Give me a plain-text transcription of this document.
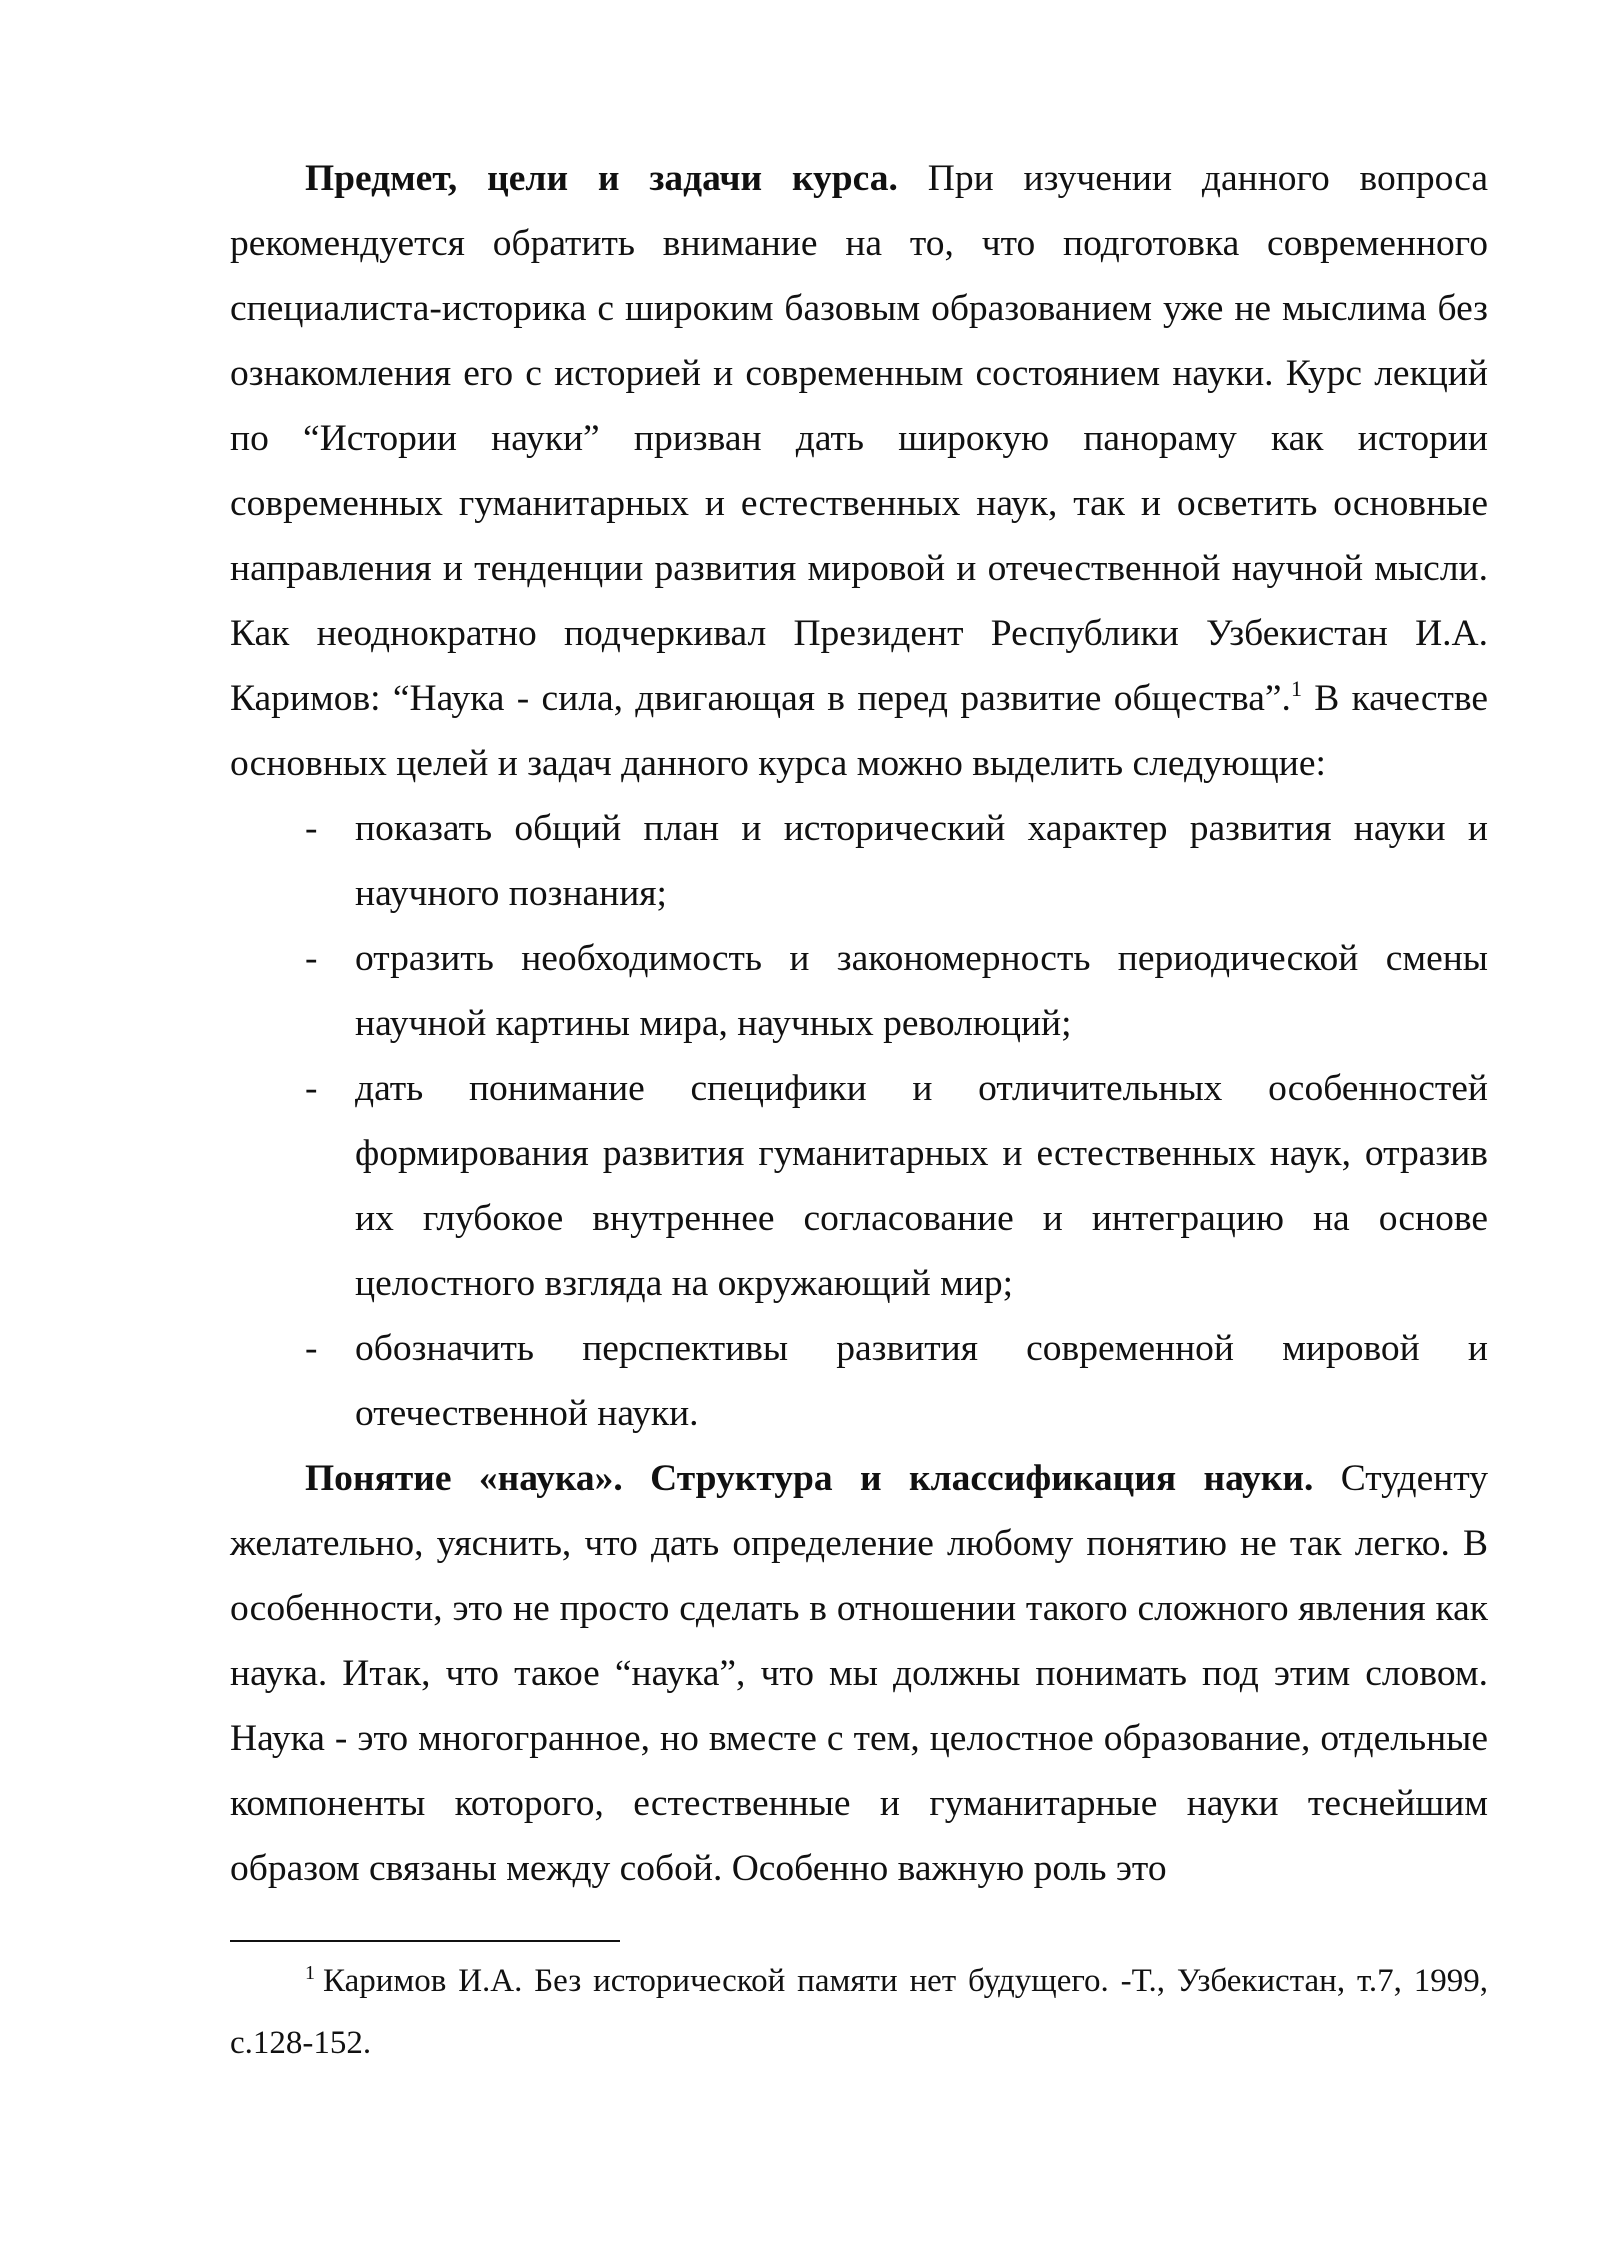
Предмет, цели и задачи курса. При изучении данного вопроса рекомендуется обратить внимание на то, что подготовка современного специалиста-историка с широким базовым образованием уже не мыслима без ознакомления его с историей и современным состоянием науки. Курс лекций по “Истории науки” призван дать широкую панораму как истории современных гуманитарных и естественных наук, так и осветить основные направления и тенденции развития мировой и отечественной научной мысли. Как неоднократно подчеркивал Президент Республики Узбекистан И.А. Каримов: “Наука - сила, двигающая в перед развитие общества”.$^1$ В качестве основных целей и задач данного курса можно выделить следующие:

- показать общий план и исторический характер развития науки и научного познания;
- отразить необходимость и закономерность периодической смены научной картины мира, научных революций;
- дать понимание специфики и отличительных особенностей формирования развития гуманитарных и естественных наук, отразив их глубокое внутреннее согласование и интеграцию на основе целостного взгляда на окружающий мир;
- обозначить перспективы развития современной мировой и отечественной науки.

Понятие «наука». Структура и классификация науки. Студенту желательно, уяснить, что дать определение любому понятию не так легко. В особенности, это не просто сделать в отношении такого сложного явления как наука. Итак, что такое “наука”, что мы должны понимать под этим словом. Наука - это многогранное, но вместе с тем, целостное образование, отдельные компоненты которого, естественные и гуманитарные науки теснейшим образом связаны между собой. Особенно важную роль это

$^1$ Каримов И.А. Без исторической памяти нет будущего. -Т., Узбекистан, т.7, 1999, с.128-152.
